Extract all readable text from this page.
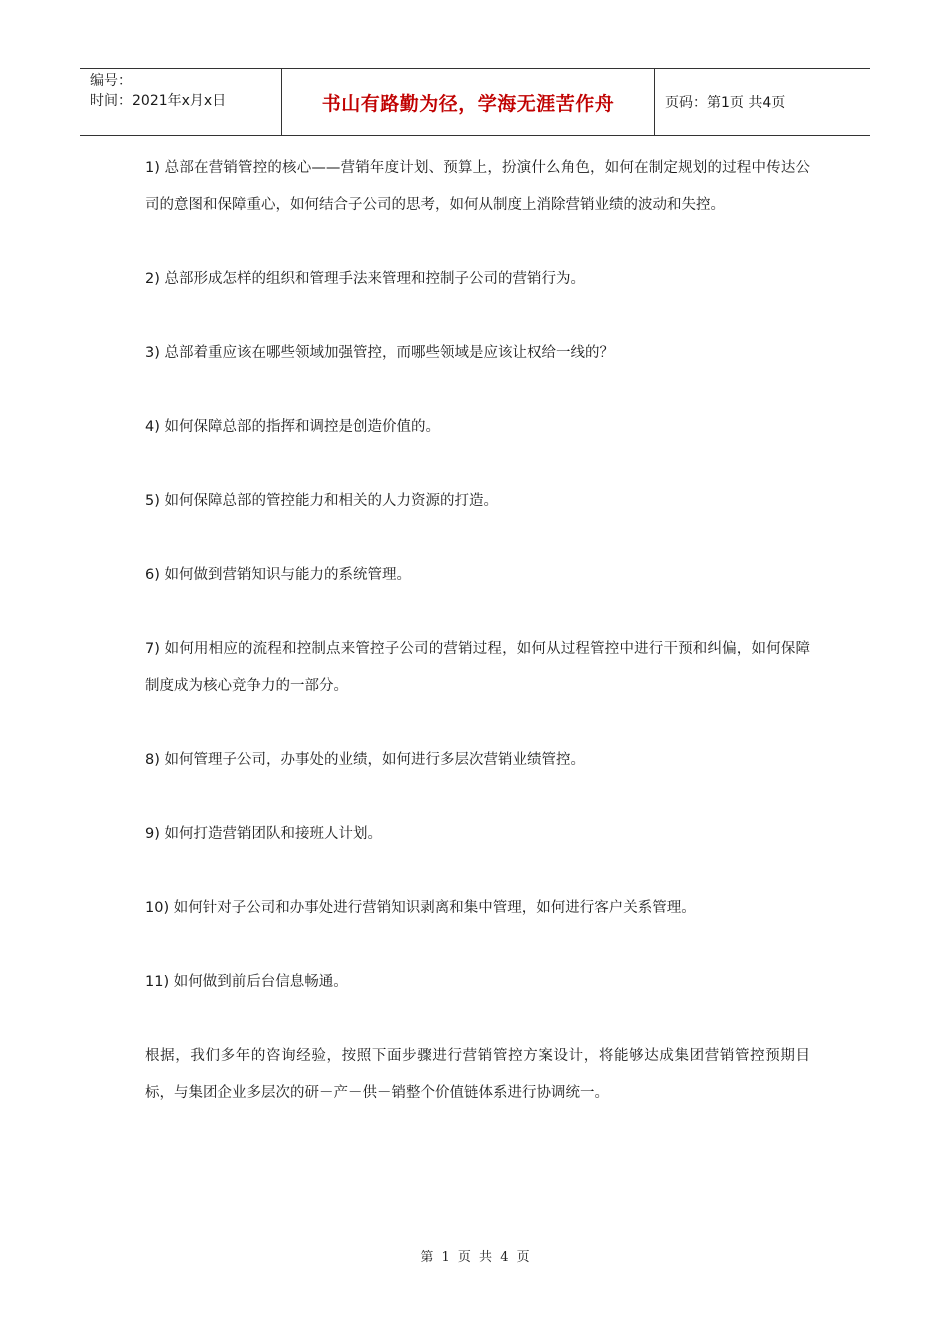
编号：
时间：2021年x月x日	书山有路勤为径，学海无涯苦作舟	页码：第1页 共4页

1) 总部在营销管控的核心——营销年度计划、预算上，扮演什么角色，如何在制定规划的过程中传达公司的意图和保障重心，如何结合子公司的思考，如何从制度上消除营销业绩的波动和失控。

2) 总部形成怎样的组织和管理手法来管理和控制子公司的营销行为。

3) 总部着重应该在哪些领域加强管控，而哪些领域是应该让权给一线的？

4) 如何保障总部的指挥和调控是创造价值的。

5) 如何保障总部的管控能力和相关的人力资源的打造。

6) 如何做到营销知识与能力的系统管理。

7) 如何用相应的流程和控制点来管控子公司的营销过程，如何从过程管控中进行干预和纠偏，如何保障制度成为核心竞争力的一部分。

8) 如何管理子公司，办事处的业绩，如何进行多层次营销业绩管控。

9) 如何打造营销团队和接班人计划。

10) 如何针对子公司和办事处进行营销知识剥离和集中管理，如何进行客户关系管理。

11) 如何做到前后台信息畅通。

根据，我们多年的咨询经验，按照下面步骤进行营销管控方案设计，将能够达成集团营销管控预期目标，与集团企业多层次的研－产－供－销整个价值链体系进行协调统一。

第 1 页 共 4 页
